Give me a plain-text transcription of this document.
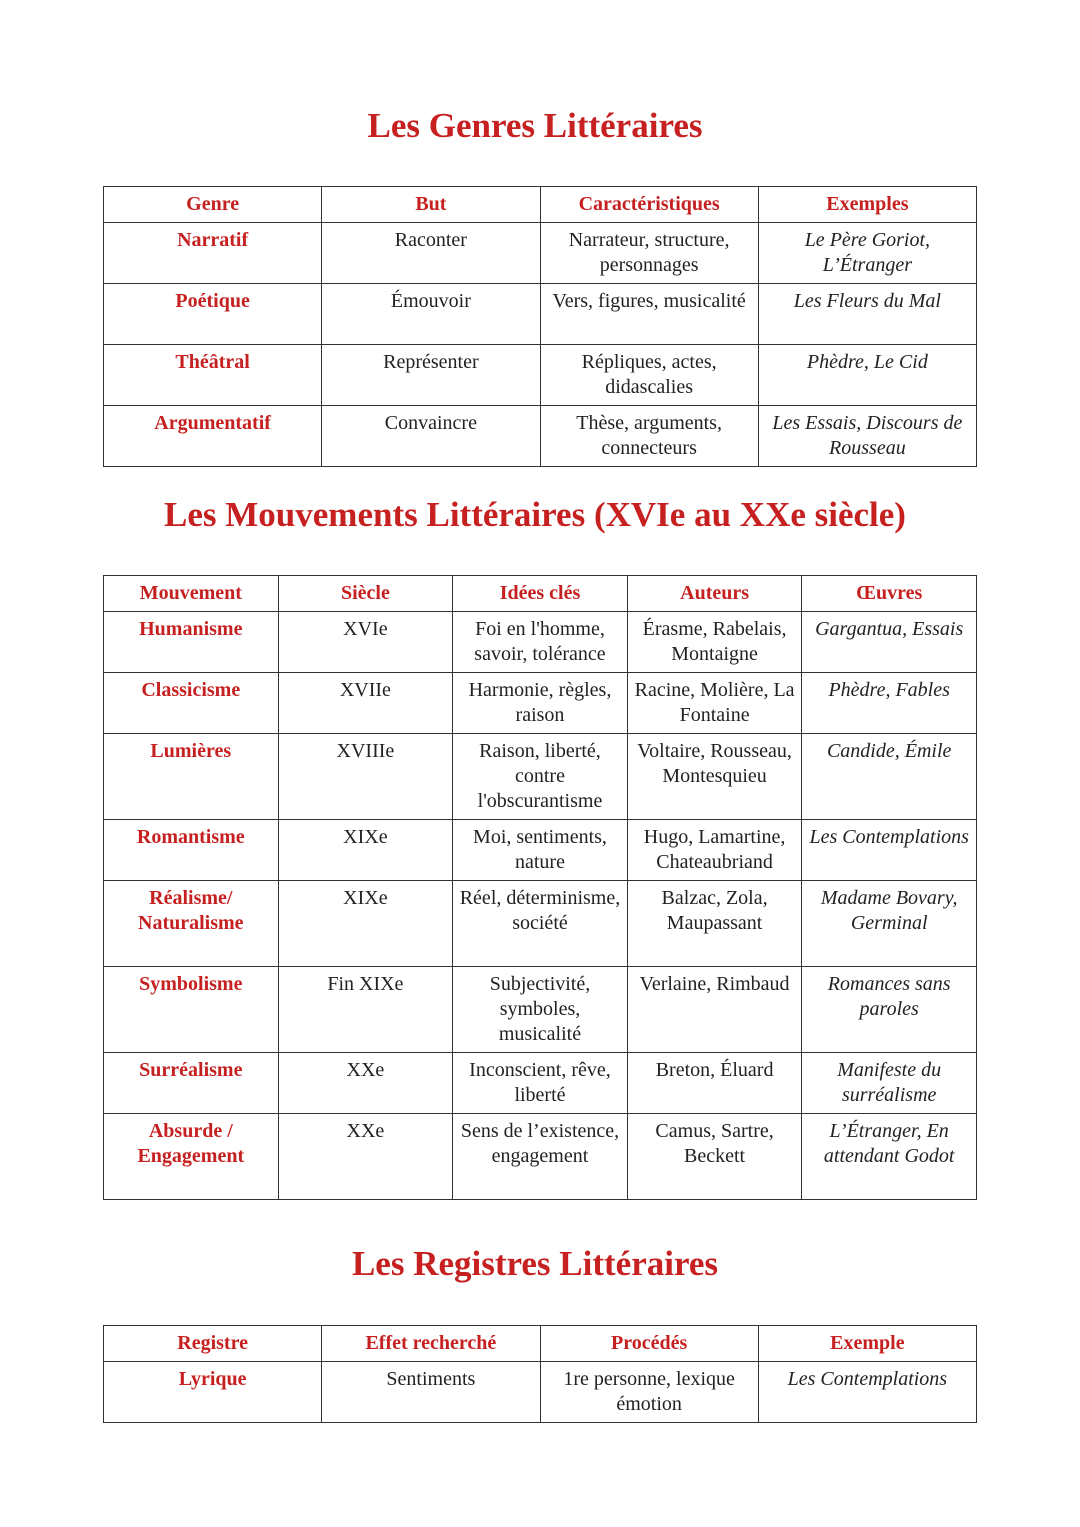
Les Genres Littéraires
Genre	But	Caractéristiques	Exemples
Narratif	Raconter	Narrateur, structure, personnages	Le Père Goriot, L’Étranger
Poétique	Émouvoir	Vers, figures, musicalité	Les Fleurs du Mal
Théâtral	Représenter	Répliques, actes, didascalies	Phèdre, Le Cid
Argumentatif	Convaincre	Thèse, arguments, connecteurs	Les Essais, Discours de Rousseau
Les Mouvements Littéraires (XVIe au XXe siècle)
Mouvement	Siècle	Idées clés	Auteurs	Œuvres
Humanisme	XVIe	Foi en l'homme, savoir, tolérance	Érasme, Rabelais, Montaigne	Gargantua, Essais
Classicisme	XVIIe	Harmonie, règles, raison	Racine, Molière, La Fontaine	Phèdre, Fables
Lumières	XVIIIe	Raison, liberté, contre l'obscurantisme	Voltaire, Rousseau, Montesquieu	Candide, Émile
Romantisme	XIXe	Moi, sentiments, nature	Hugo, Lamartine, Chateaubriand	Les Contemplations
Réalisme/ Naturalisme	XIXe	Réel, déterminisme, société	Balzac, Zola, Maupassant	Madame Bovary, Germinal
Symbolisme	Fin XIXe	Subjectivité, symboles, musicalité	Verlaine, Rimbaud	Romances sans paroles
Surréalisme	XXe	Inconscient, rêve, liberté	Breton, Éluard	Manifeste du surréalisme
Absurde / Engagement	XXe	Sens de l’existence, engagement	Camus, Sartre, Beckett	L’Étranger, En attendant Godot
Les Registres Littéraires
Registre	Effet recherché	Procédés	Exemple
Lyrique	Sentiments	1re personne, lexique émotion	Les Contemplations
